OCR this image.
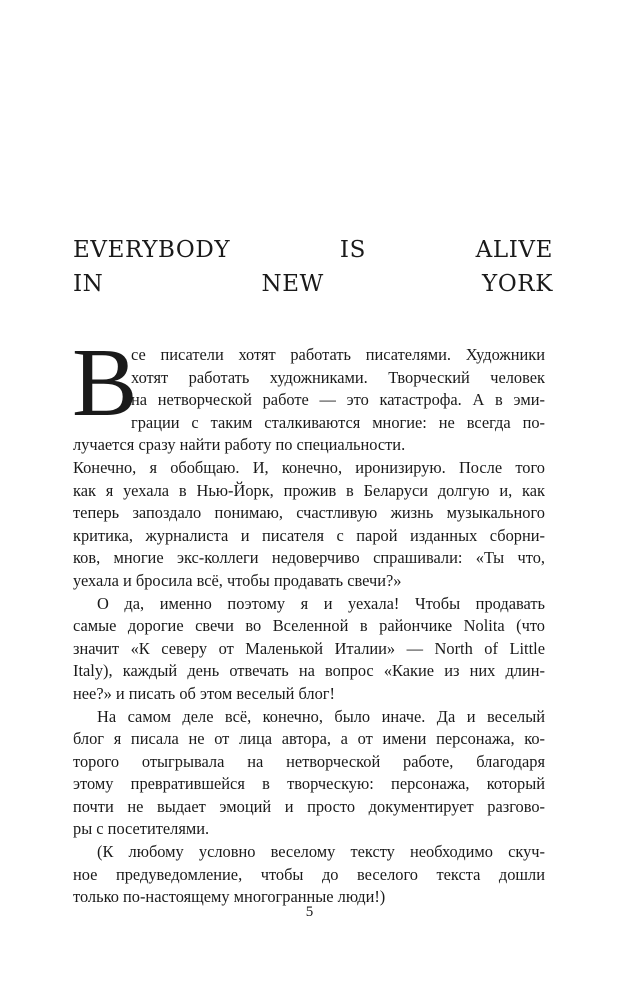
EVERYBODY IS ALIVE
IN NEW YORK
В
се писатели хотят работать писателями. Художники
хотят работать художниками. Творческий человек
на нетворческой работе — это катастрофа. А в эми-
грации с таким сталкиваются многие: не всегда по-
лучается сразу найти работу по специальности.
Конечно, я обобщаю. И, конечно, иронизирую. После того
как я уехала в Нью-Йорк, прожив в Беларуси долгую и, как
теперь запоздало понимаю, счастливую жизнь музыкального
критика, журналиста и писателя с парой изданных сборни-
ков, многие экс-коллеги недоверчиво спрашивали: «Ты что,
уехала и бросила всё, чтобы продавать свечи?»
О да, именно поэтому я и уехала! Чтобы продавать
самые дорогие свечи во Вселенной в райончике Nolita (что
значит «К северу от Маленькой Италии» — North of Little
Italy), каждый день отвечать на вопрос «Какие из них длин-
нее?» и писать об этом веселый блог!
На самом деле всё, конечно, было иначе. Да и веселый
блог я писала не от лица автора, а от имени персонажа, ко-
торого отыгрывала на нетворческой работе, благодаря
этому превратившейся в творческую: персонажа, который
почти не выдает эмоций и просто документирует разгово-
ры с посетителями.
(К любому условно веселому тексту необходимо скуч-
ное предуведомление, чтобы до веселого текста дошли
только по-настоящему многогранные люди!)
5
